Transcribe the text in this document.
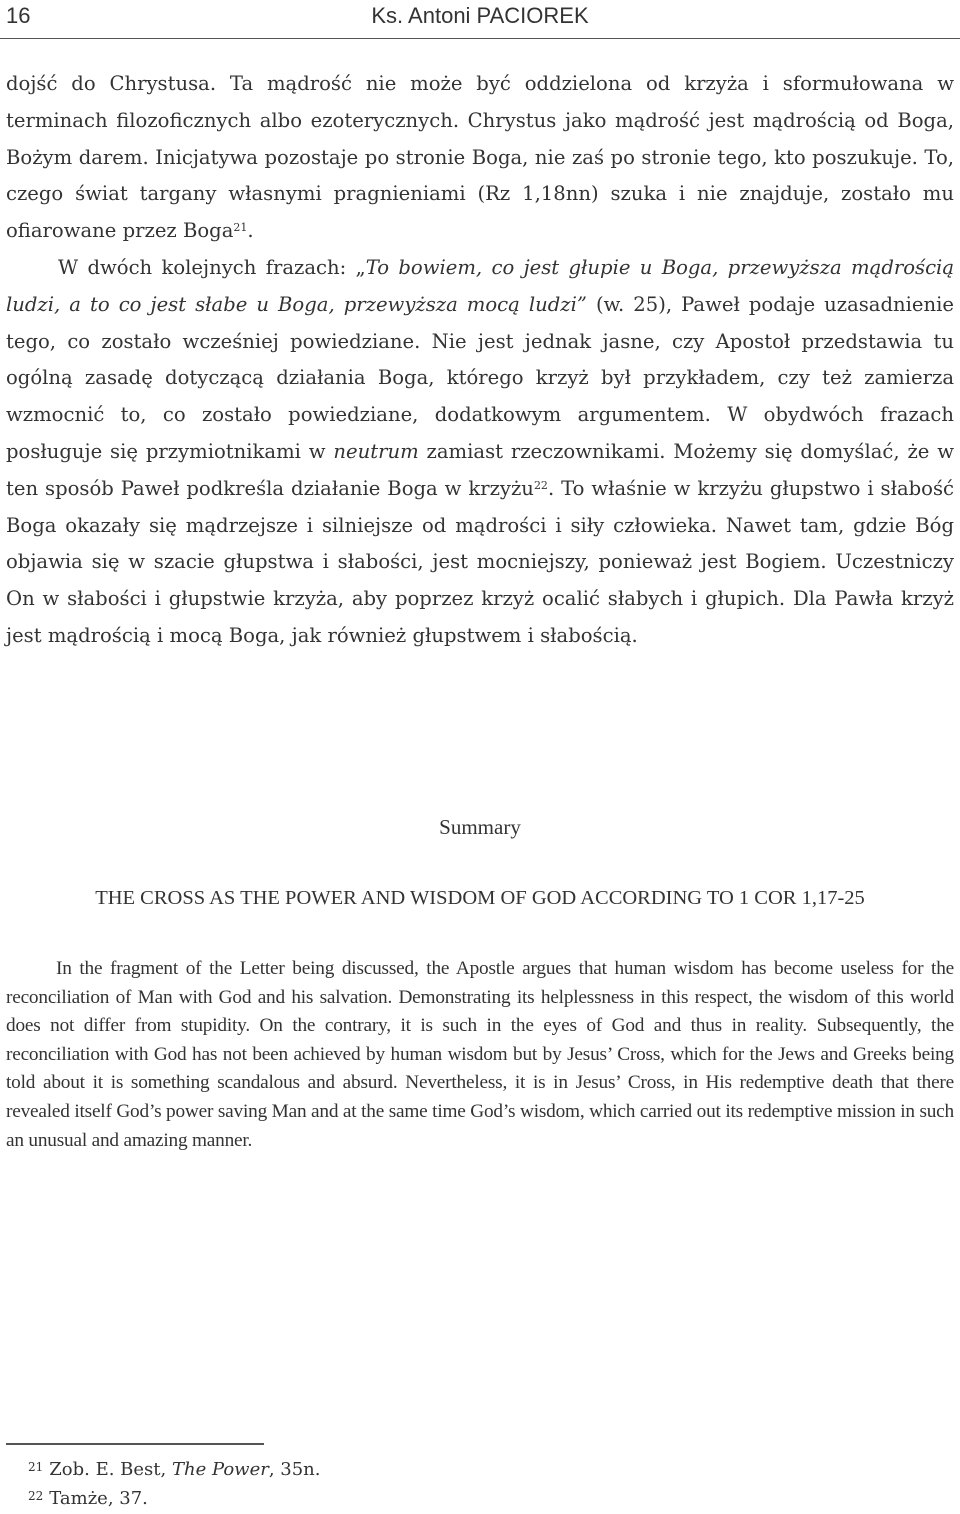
16	Ks. Antoni PACIOREK

dojść do Chrystusa. Ta mądrość nie może być oddzielona od krzyża i sformułowana w terminach filozoficznych albo ezoterycznych. Chrystus jako mądrość jest mądrością od Boga, Bożym darem. Inicjatywa pozostaje po stronie Boga, nie zaś po stronie tego, kto poszukuje. To, czego świat targany własnymi pragnieniami (Rz 1,18nn) szuka i nie znajduje, zostało mu ofiarowane przez Boga$^{21}$.

W dwóch kolejnych frazach: „To bowiem, co jest głupie u Boga, przewyższa mądrością ludzi, a to co jest słabe u Boga, przewyższa mocą ludzi” (w. 25), Paweł podaje uzasadnienie tego, co zostało wcześniej powiedziane. Nie jest jednak jasne, czy Apostoł przedstawia tu ogólną zasadę dotyczącą działania Boga, którego krzyż był przykładem, czy też zamierza wzmocnić to, co zostało powiedziane, dodatkowym argumentem. W obydwóch frazach posługuje się przymiotnikami w neutrum zamiast rzeczownikami. Możemy się domyślać, że w ten sposób Paweł podkreśla działanie Boga w krzyżu$^{22}$. To właśnie w krzyżu głupstwo i słabość Boga okazały się mądrzejsze i silniejsze od mądrości i siły człowieka. Nawet tam, gdzie Bóg objawia się w szacie głupstwa i słabości, jest mocniejszy, ponieważ jest Bogiem. Uczestniczy On w słabości i głupstwie krzyża, aby poprzez krzyż ocalić słabych i głupich. Dla Pawła krzyż jest mądrością i mocą Boga, jak również głupstwem i słabością.

Summary
THE CROSS AS THE POWER AND WISDOM OF GOD ACCORDING TO 1 COR 1,17-25

In the fragment of the Letter being discussed, the Apostle argues that human wisdom has become useless for the reconciliation of Man with God and his salvation. Demonstrating its helplessness in this respect, the wisdom of this world does not differ from stupidity. On the contrary, it is such in the eyes of God and thus in reality. Subsequently, the reconciliation with God has not been achieved by human wisdom but by Jesus’ Cross, which for the Jews and Greeks being told about it is something scandalous and absurd. Nevertheless, it is in Jesus’ Cross, in His redemptive death that there revealed itself God’s power saving Man and at the same time God’s wisdom, which carried out its redemptive mission in such an unusual and amazing manner.

$^{21}$ Zob. E. Best, The Power, 35n.
$^{22}$ Tamże, 37.
